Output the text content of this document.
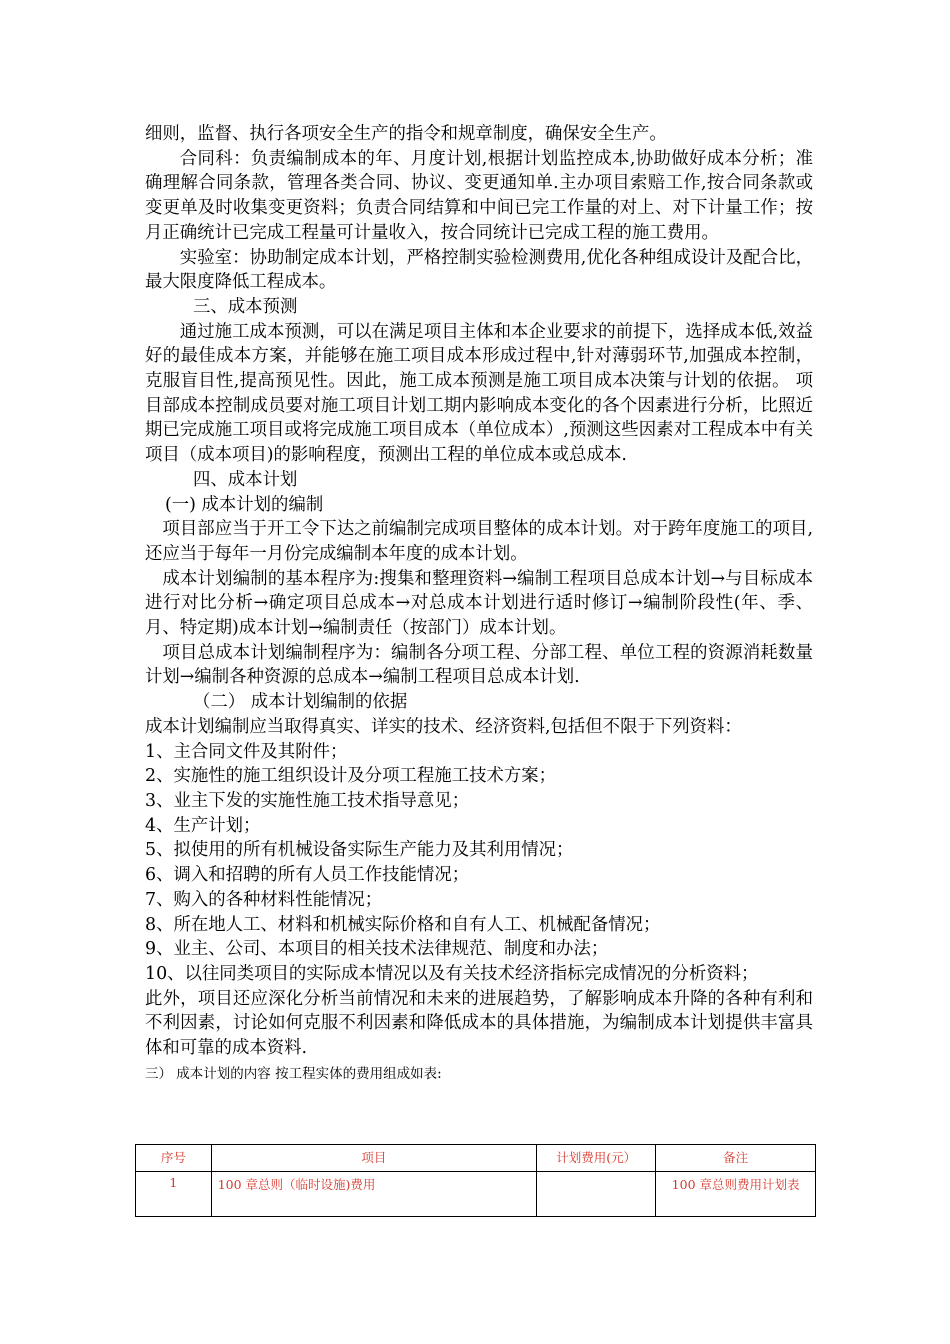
细则，监督、执行各项安全生产的指令和规章制度，确保安全生产。

合同科：负责编制成本的年、月度计划,根据计划监控成本,协助做好成本分析；准确理解合同条款，管理各类合同、协议、变更通知单.主办项目索赔工作,按合同条款或变更单及时收集变更资料；负责合同结算和中间已完工作量的对上、对下计量工作；按月正确统计已完成工程量可计量收入，按合同统计已完成工程的施工费用。

实验室：协助制定成本计划，严格控制实验检测费用,优化各种组成设计及配合比，最大限度降低工程成本。

三、成本预测

通过施工成本预测，可以在满足项目主体和本企业要求的前提下，选择成本低,效益好的最佳成本方案，并能够在施工项目成本形成过程中,针对薄弱环节,加强成本控制，克服盲目性,提高预见性。因此，施工成本预测是施工项目成本决策与计划的依据。 项目部成本控制成员要对施工项目计划工期内影响成本变化的各个因素进行分析，比照近期已完成施工项目或将完成施工项目成本（单位成本）,预测这些因素对工程成本中有关项目（成本项目)的影响程度，预测出工程的单位成本或总成本.

四、成本计划

(一) 成本计划的编制

项目部应当于开工令下达之前编制完成项目整体的成本计划。对于跨年度施工的项目,还应当于每年一月份完成编制本年度的成本计划。

成本计划编制的基本程序为:搜集和整理资料→编制工程项目总成本计划→与目标成本进行对比分析→确定项目总成本→对总成本计划进行适时修订→编制阶段性(年、季、月、特定期)成本计划→编制责任（按部门）成本计划。

项目总成本计划编制程序为：编制各分项工程、分部工程、单位工程的资源消耗数量计划→编制各种资源的总成本→编制工程项目总成本计划.

（二） 成本计划编制的依据

成本计划编制应当取得真实、详实的技术、经济资料,包括但不限于下列资料：

1、主合同文件及其附件；

2、实施性的施工组织设计及分项工程施工技术方案；

3、业主下发的实施性施工技术指导意见；

4、生产计划；

5、拟使用的所有机械设备实际生产能力及其利用情况；

6、调入和招聘的所有人员工作技能情况；

7、购入的各种材料性能情况；

8、所在地人工、材料和机械实际价格和自有人工、机械配备情况；

9、业主、公司、本项目的相关技术法律规范、制度和办法；

10、以往同类项目的实际成本情况以及有关技术经济指标完成情况的分析资料；

此外，项目还应深化分析当前情况和未来的进展趋势，了解影响成本升降的各种有利和不利因素，讨论如何克服不利因素和降低成本的具体措施，为编制成本计划提供丰富具体和可靠的成本资料.

三） 成本计划的内容 按工程实体的费用组成如表:

序号	项目	计划费用(元）	备注
1	100 章总则（临时设施)费用		100 章总则费用计划表
